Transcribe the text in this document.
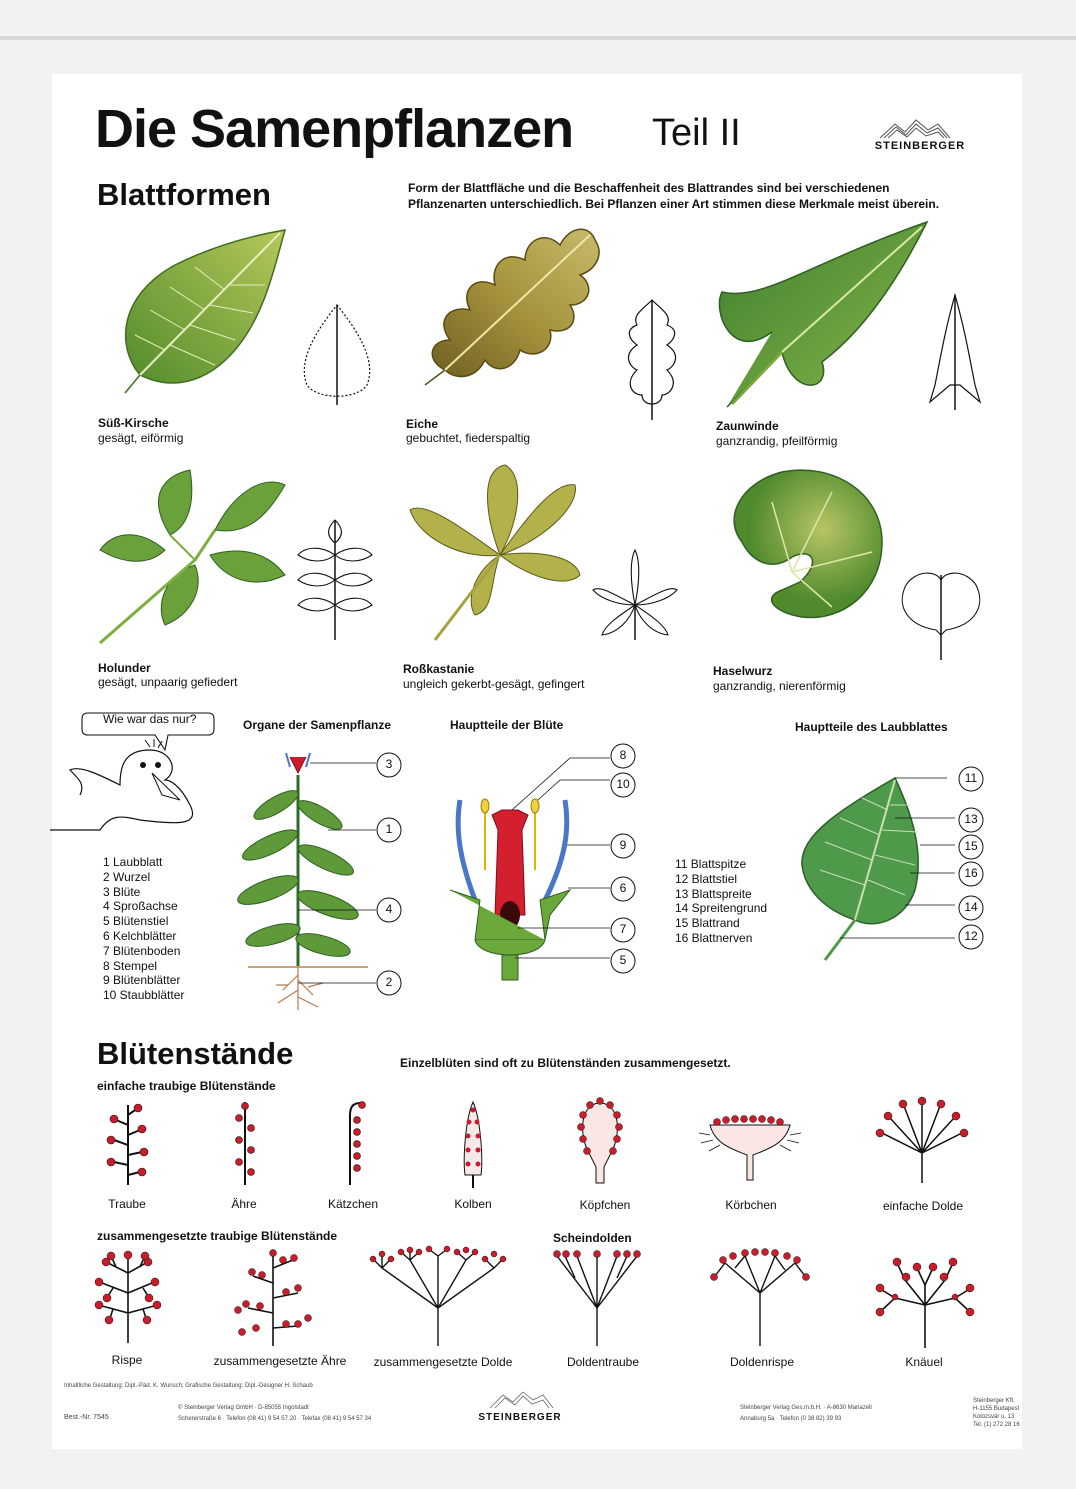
Die Samenpflanzen Teil II	STEINBERGER
Blattformen	Form der Blattfläche und die Beschaffenheit des Blattrandes sind bei verschiedenen
Pflanzenarten unterschiedlich. Bei Pflanzen einer Art stimmen diese Merkmale meist überein.
Süß-Kirsche
gesägt, eiförmig
Eiche
gebuchtet, fiederspaltig
Zaunwinde
ganzrandig, pfeilförmig
Holunder
gesägt, unpaarig gefiedert
Roßkastanie
ungleich gekerbt-gesägt, gefingert
Haselwurz
ganzrandig, nierenförmig
Wie war das nur?	Organe der Samenpflanze
1 Laubblatt
2 Wurzel
3 Blüte
4 Sproßachse
5 Blütenstiel
6 Kelchblätter
7 Blütenboden
8 Stempel
9 Blütenblätter
10 Staubblätter
3
1
4
2
Hauptteile der Blüte
8
10
9
6
7
5
Hauptteile des Laubblattes
11 Blattspitze
12 Blattstiel
13 Blattspreite
14 Spreitengrund
15 Blattrand
16 Blattnerven
11
13
15
16
14
12
Blütenstände	Einzelblüten sind oft zu Blütenständen zusammengesetzt.
einfache traubige Blütenstände
Traube	Ähre	Kätzchen	Kolben	Köpfchen	Körbchen	einfache Dolde
zusammengesetzte traubige Blütenstände	Scheindolden
Rispe	zusammengesetzte Ähre	zusammengesetzte Dolde	Doldentraube	Doldenrispe	Knäuel
Inhaltliche Gestaltung: Dipl.-Päd. K. Wunsch; Grafische Gestaltung: Dipl.-Designer H. Schaub
Best.-Nr. 7545
© Steinberger Verlag GmbH · D-85055 Ingolstadt
Schererstraße 6 · Telefon (08 41) 9 54 57 20 · Telefax (08 41) 9 54 57 34	STEINBERGER
Steinberger Verlag Ges.m.b.H. · A-8630 Mariazell
Annaburg 5a · Telefon (0 38 82) 39 93
Steinberger Kft.
H-1155 Budapest
Kolozsvár u. 13
Tel. (1) 272 28 16
